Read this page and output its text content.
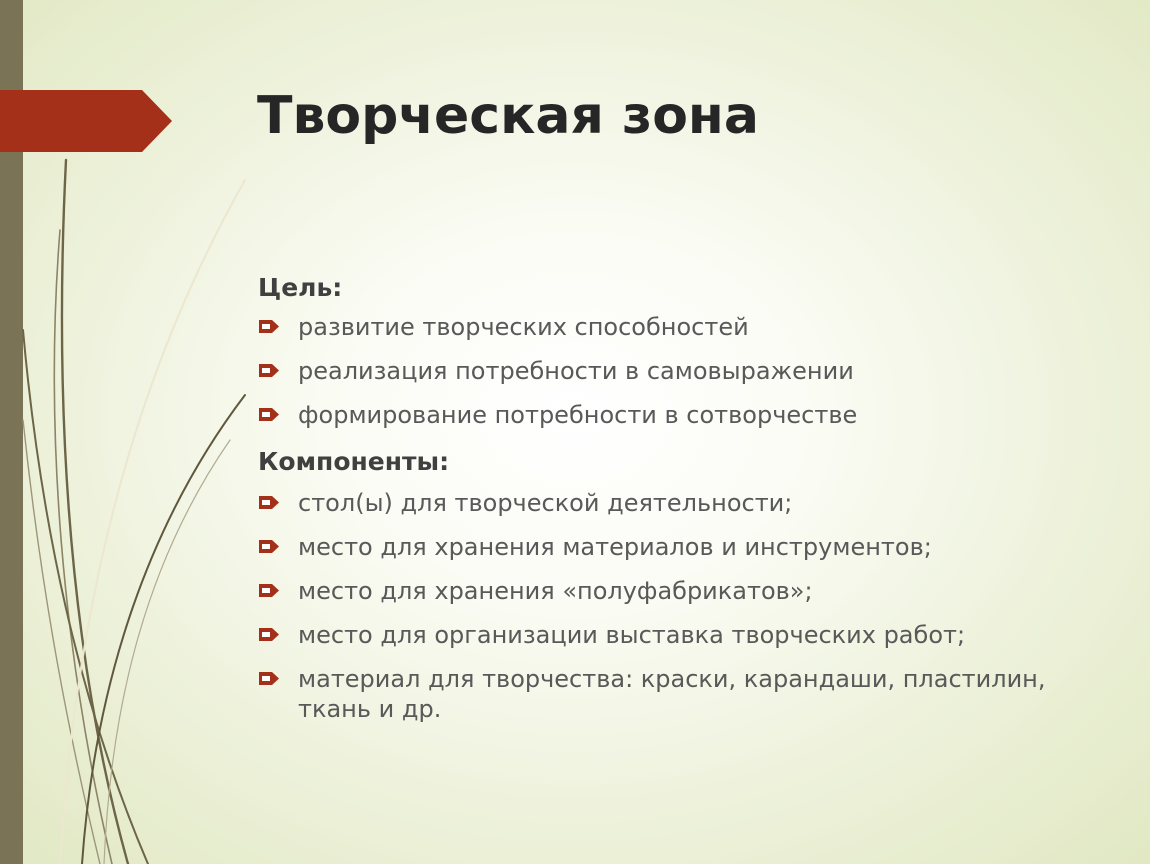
Творческая зона
Цель:
развитие творческих способностей
реализация потребности в самовыражении
формирование потребности в сотворчестве
Компоненты:
стол(ы) для творческой деятельности;
место для хранения материалов и инструментов;
место для хранения «полуфабрикатов»;
место для организации выставка творческих работ;
материал для творчества: краски, карандаши, пластилин, ткань и др.
